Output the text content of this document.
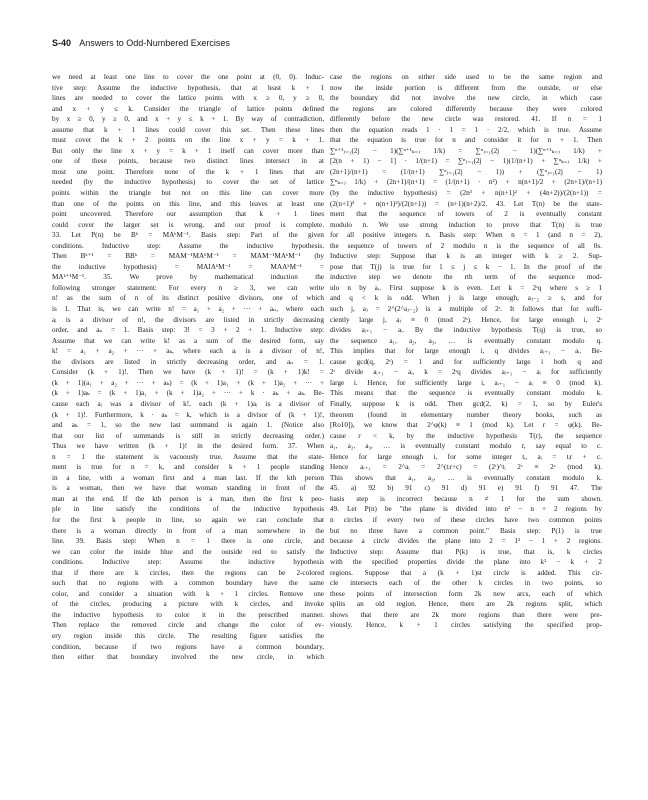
S-40 Answers to Odd-Numbered Exercises
we need at least one line to cover the one point at (0, 0). Induc-
tive step: Assume the inductive hypothesis, that at least k + 1
lines are needed to cover the lattice points with x ≥ 0, y ≥ 0,
and x + y ≤ k. Consider the triangle of lattice points defined
by x ≥ 0, y ≥ 0, and x + y ≤ k + 1. By way of contradiction,
assume that k + 1 lines could cover this set. Then these lines
must cover the k + 2 points on the line x + y = k + 1.
But only the line x + y = k + 1 itself can cover more than
one of these points, because two distinct lines intersect in at
most one point. Therefore none of the k + 1 lines that are
needed (by the inductive hypothesis) to cover the set of lattice
points within the triangle but not on this line can cover more
than one of the points on this line, and this leaves at least one
point uncovered. Therefore our assumption that k + 1 lines
could cover the larger set is wrong, and our proof is complete.
33. Let P(n) be Bᵏ = MAᵏM⁻¹. Basis step: Part of the given
conditions. Inductive step: Assume the inductive hypothesis.
Then Bᵏ⁺¹ = BBᵏ = MAM⁻¹MAᵏM⁻¹ = MAM⁻¹MAᵏM⁻¹ (by
the inductive hypothesis) = MAIAᵏM⁻¹ = MAAᵏM⁻¹ =
MAᵏ⁺¹M⁻¹. 35. We prove by mathematical induction the
following stronger statement: For every n ≥ 3, we can write
n! as the sum of n of its distinct positive divisors, one of which
is 1. That is, we can write n! = a₁ + a₂ + ··· + aₙ, where each
aᵢ is a divisor of n!, the divisors are listed in strictly decreasing
order, and aₙ = 1. Basis step: 3! = 3 + 2 + 1. Inductive step:
Assume that we can write k! as a sum of the desired form, say
k! = a₁ + a₂ + ··· + aₖ, where each aᵢ is a divisor of n!,
the divisors are listed in strictly decreasing order, and aₙ = 1.
Consider (k + 1)!. Then we have (k + 1)! = (k + 1)k! =
(k + 1)(a₁ + a₂ + ··· + aₖ) = (k + 1)a₁ + (k + 1)a₂ + ··· +
(k + 1)aₖ = (k + 1)a₁ + (k + 1)a₂ + ··· + k · aₖ + aₖ. Be-
cause each aᵢ was a divisor of k!, each (k + 1)aᵢ is a divisor of
(k + 1)!. Furthermore, k · aₖ = k, which is a divisor of (k + 1)!,
and aₖ = 1, so the new last summand is again 1. (Notice also
that our list of summands is still in strictly decreasing order.)
Thus we have written (k + 1)! in the desired form. 37. When
n = 1 the statement is vacuously true. Assume that the state-
ment is true for n = k, and consider k + 1 people standing
in a line, with a woman first and a man last. If the kth person
is a woman, then we have that woman standing in front of the
man at the end. If the kth person is a man, then the first k peo-
ple in line satisfy the conditions of the inductive hypothesis
for the first k people in line, so again we can conclude that
there is a woman directly in front of a man somewhere in the
line. 39. Basis step: When n = 1 there is one circle, and
we can color the inside blue and the outside red to satisfy the
conditions. Inductive step: Assume the inductive hypothesis
that if there are k circles, then the regions can be 2-colored
such that no regions with a common boundary have the same
color, and consider a situation with k + 1 circles. Remove one
of the circles, producing a picture with k circles, and invoke
the inductive hypothesis to color it in the prescribed manner.
Then replace the removed circle and change the color of ev-
ery region inside this circle. The resulting figure satisfies the
condition, because if two regions have a common boundary,
then either that boundary involved the new circle, in which
case the regions on either side used to be the same region and
now the inside portion is different from the outside, or else
the boundary did not involve the new circle, in which case
the regions are colored differently because they were colored
differently before the new circle was restored. 41. If n = 1
then the equation reads 1 · 1 = 1 · 2/2, which is true. Assume
that the equation is true for n and consider it for n + 1. Then
∑ⁿ⁺¹ⱼ₌₁(2j − 1)(∑ⁿ⁺¹ₖ₌ⱼ 1/k) = ∑ⁿⱼ₌₁(2j − 1)(∑ⁿ⁺¹ₖ₌ⱼ 1/k) +
[2(n + 1) − 1] · 1/(n+1) = ∑ⁿⱼ₌₁(2j − 1)(1/(n+1) + ∑ⁿₖ₌ⱼ 1/k) +
(2n+1)/(n+1) = (1/(n+1) ∑ⁿⱼ₌₁(2j − 1)) + (∑ⁿⱼ₌₁(2j − 1)
∑ⁿₖ₌ⱼ 1/k) + (2n+1)/(n+1) = (1/(n+1) · n²) + n(n+1)/2 + (2n+1)/(n+1)
(by the inductive hypothesis) = (2n³ + n(n+1)² + (4n+2))/(2(n+1)) =
(2(n+1)³ + n(n+1)²)/(2(n+1)) = (n+1)(n+2)/2. 43. Let T(n) be the state-
ment that the sequence of towers of 2 is eventually constant
modulo n. We use strong induction to prove that T(n) is true
for all positive integers n. Basis step: When n = 1 (and n = 2),
the sequence of towers of 2 modulo n is the sequence of all 0s.
Inductive step: Suppose that k is an integer with k ≥ 2. Sup-
pose that T(j) is true for 1 ≤ j ≤ k − 1. In the proof of the
inductive step we denote the rth term of the sequence mod-
ulo n by aᵣ. First suppose k is even. Let k = 2ˢq where s ≥ 1
and q < k is odd. When j is large enough, aⱼ₋₂ ≥ s, and for
such j, aⱼ = 2^(2^aⱼ₋₂) is a multiple of 2ˢ. It follows that for suffi-
ciently large j, aⱼ ≡ 0 (mod 2ˢ). Hence, for large enough i, 2ˢ
divides aᵢ₊₁ − aᵢ. By the inductive hypothesis T(q) is true, so
the sequence a₁, a₂, a₃, … is eventually constant modulo q.
This implies that for large enough i, q divides aᵢ₊₁ − aᵢ. Be-
cause gcd(q, 2ˢ) = 1 and for sufficiently large i both q and
2ˢ divide aᵢ₊₁ − aᵢ, k = 2ˢq divides aᵢ₊₁ − aᵢ for sufficiently
large i. Hence, for sufficiently large i, aᵢ₊₁ − aᵢ ≡ 0 (mod k).
This means that the sequence is eventually constant modulo k.
Finally, suppose k is odd. Then gcd(2, k) = 1, so by Euler's
theorem (found in elementary number theory books, such as
[Ro10]), we know that 2^φ(k) ≡ 1 (mod k). Let r = φ(k). Be-
cause r < k, by the inductive hypothesis T(r), the sequence
a₁, a₂, a₃, … is eventually constant modulo r, say equal to c.
Hence for large enough i, for some integer tᵢ, aᵢ = tᵢr + c.
Hence aᵢ₊₁ = 2^aᵢ = 2^(tᵢr+c) = (2ʳ)^tᵢ 2ᶜ ≡ 2ᶜ (mod k).
This shows that a₁, a₂, … is eventually constant modulo k.
45. a) 92 b) 91 c) 91 d) 91 e) 91 f) 91 47. The
basis step is incorrect because n ≠ 1 for the sum shown.
49. Let P(n) be "the plane is divided into n² − n + 2 regions by
n circles if every two of these circles have two common points
but no three have a common point." Basis step: P(1) is true
because a circle divides the plane into 2 = 1² − 1 + 2 regions.
Inductive step: Assume that P(k) is true, that is, k circles
with the specified properties divide the plane into k² − k + 2
regions. Suppose that a (k + 1)st circle is added. This cir-
cle intersects each of the other k circles in two points, so
these points of intersection form 2k new arcs, each of which
splits an old region. Hence, there are 2k regions split, which
shows that there are 2k more regions than there were pre-
viously. Hence, k + 1 circles satisfying the specified prop-
